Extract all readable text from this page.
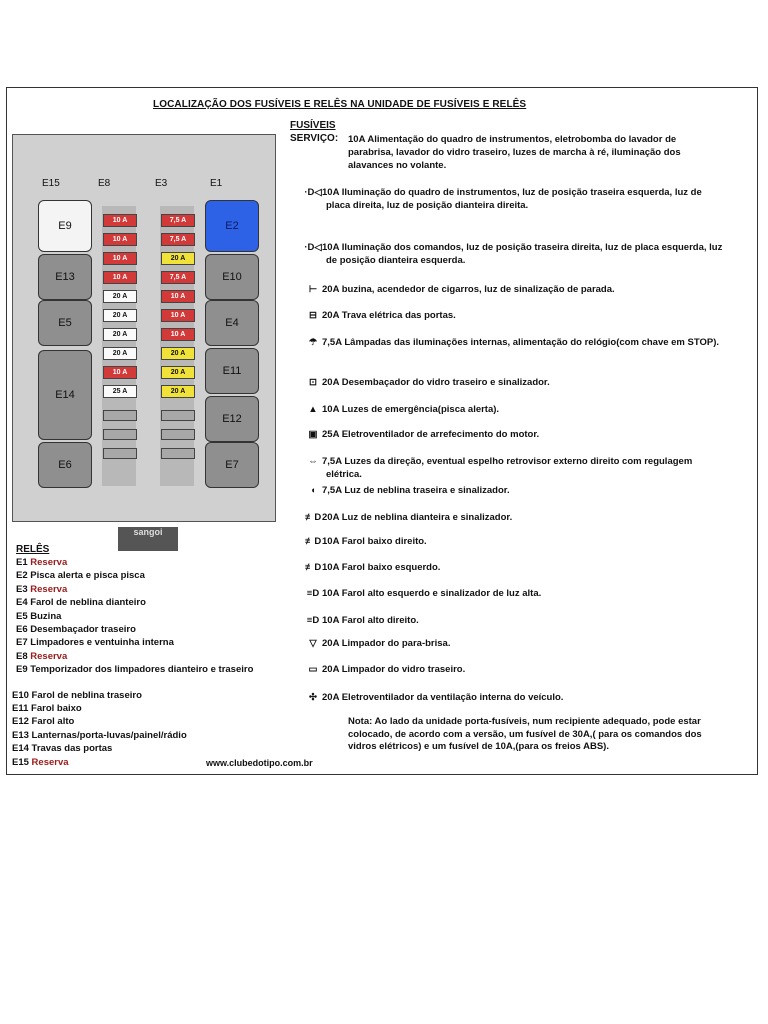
LOCALIZAÇÃO DOS FUSÍVEIS E RELÊS NA UNIDADE DE FUSÍVEIS E RELÊS
E15	E8	E3	E1
E9
E13
E5
E14
E6
E2
E10
E4
E11
E12
E7
10 A
10 A
10 A
10 A
20 A
20 A
20 A
20 A
10 A
25 A
7,5 A
7,5 A
20 A
7,5 A
10 A
10 A
10 A
20 A
20 A
20 A
sangoi
FUSÍVEIS
SERVIÇO: 10A Alimentação do quadro de instrumentos, eletrobomba do lavador de parabrisa, lavador do vidro traseiro, luzes de marcha à ré, iluminação dos alavances no volante.
·D◁10A Iluminação do quadro de instrumentos, luz de posição traseira esquerda, luz de placa direita, luz de posição dianteira direita.
·D◁10A Iluminação dos comandos, luz de posição traseira direita, luz de placa esquerda, luz de posição dianteira esquerda.
⊢ 20A buzina, acendedor de cigarros, luz de sinalização de parada.
⊟ 20A Trava elétrica das portas.
☂ 7,5A Lâmpadas das iluminações internas, alimentação do relógio(com chave em STOP).
⊡ 20A Desembaçador do vidro traseiro e sinalizador.
▲ 10A Luzes de emergência(pisca alerta).
▣ 25A Eletroventilador de arrefecimento do motor.
⇔ 7,5A Luzes da direção, eventual espelho retrovisor externo direito com regulagem elétrica.
◖ 7,5A Luz de neblina traseira e sinalizador.
≢D20A Luz de neblina dianteira e sinalizador.
≢D10A Farol baixo direito.
≢D10A Farol baixo esquerdo.
≡D 10A Farol alto esquerdo e sinalizador de luz alta.
≡D 10A Farol alto direito.
▽ 20A Limpador do para-brisa.
▭ 20A Limpador do vidro traseiro.
✣ 20A Eletroventilador da ventilação interna do veículo.
RELÊS
E1 Reserva
E2 Pisca alerta e pisca pisca
E3 Reserva
E4 Farol de neblina dianteiro
E5 Buzina
E6 Desembaçador traseiro
E7 Limpadores e ventuinha interna
E8 Reserva
E9 Temporizador dos limpadores dianteiro e traseiro
E10 Farol de neblina traseiro
E11 Farol baixo
E12 Farol alto
E13 Lanternas/porta-luvas/painel/rádio
E14 Travas das portas
E15 Reserva
Nota: Ao lado da unidade porta-fusíveis, num recipiente adequado, pode estar colocado, de acordo com a versão, um fusível de 30A,( para os comandos dos vidros elétricos) e um fusível de 10A,(para os freios ABS).
www.clubedotipo.com.br
